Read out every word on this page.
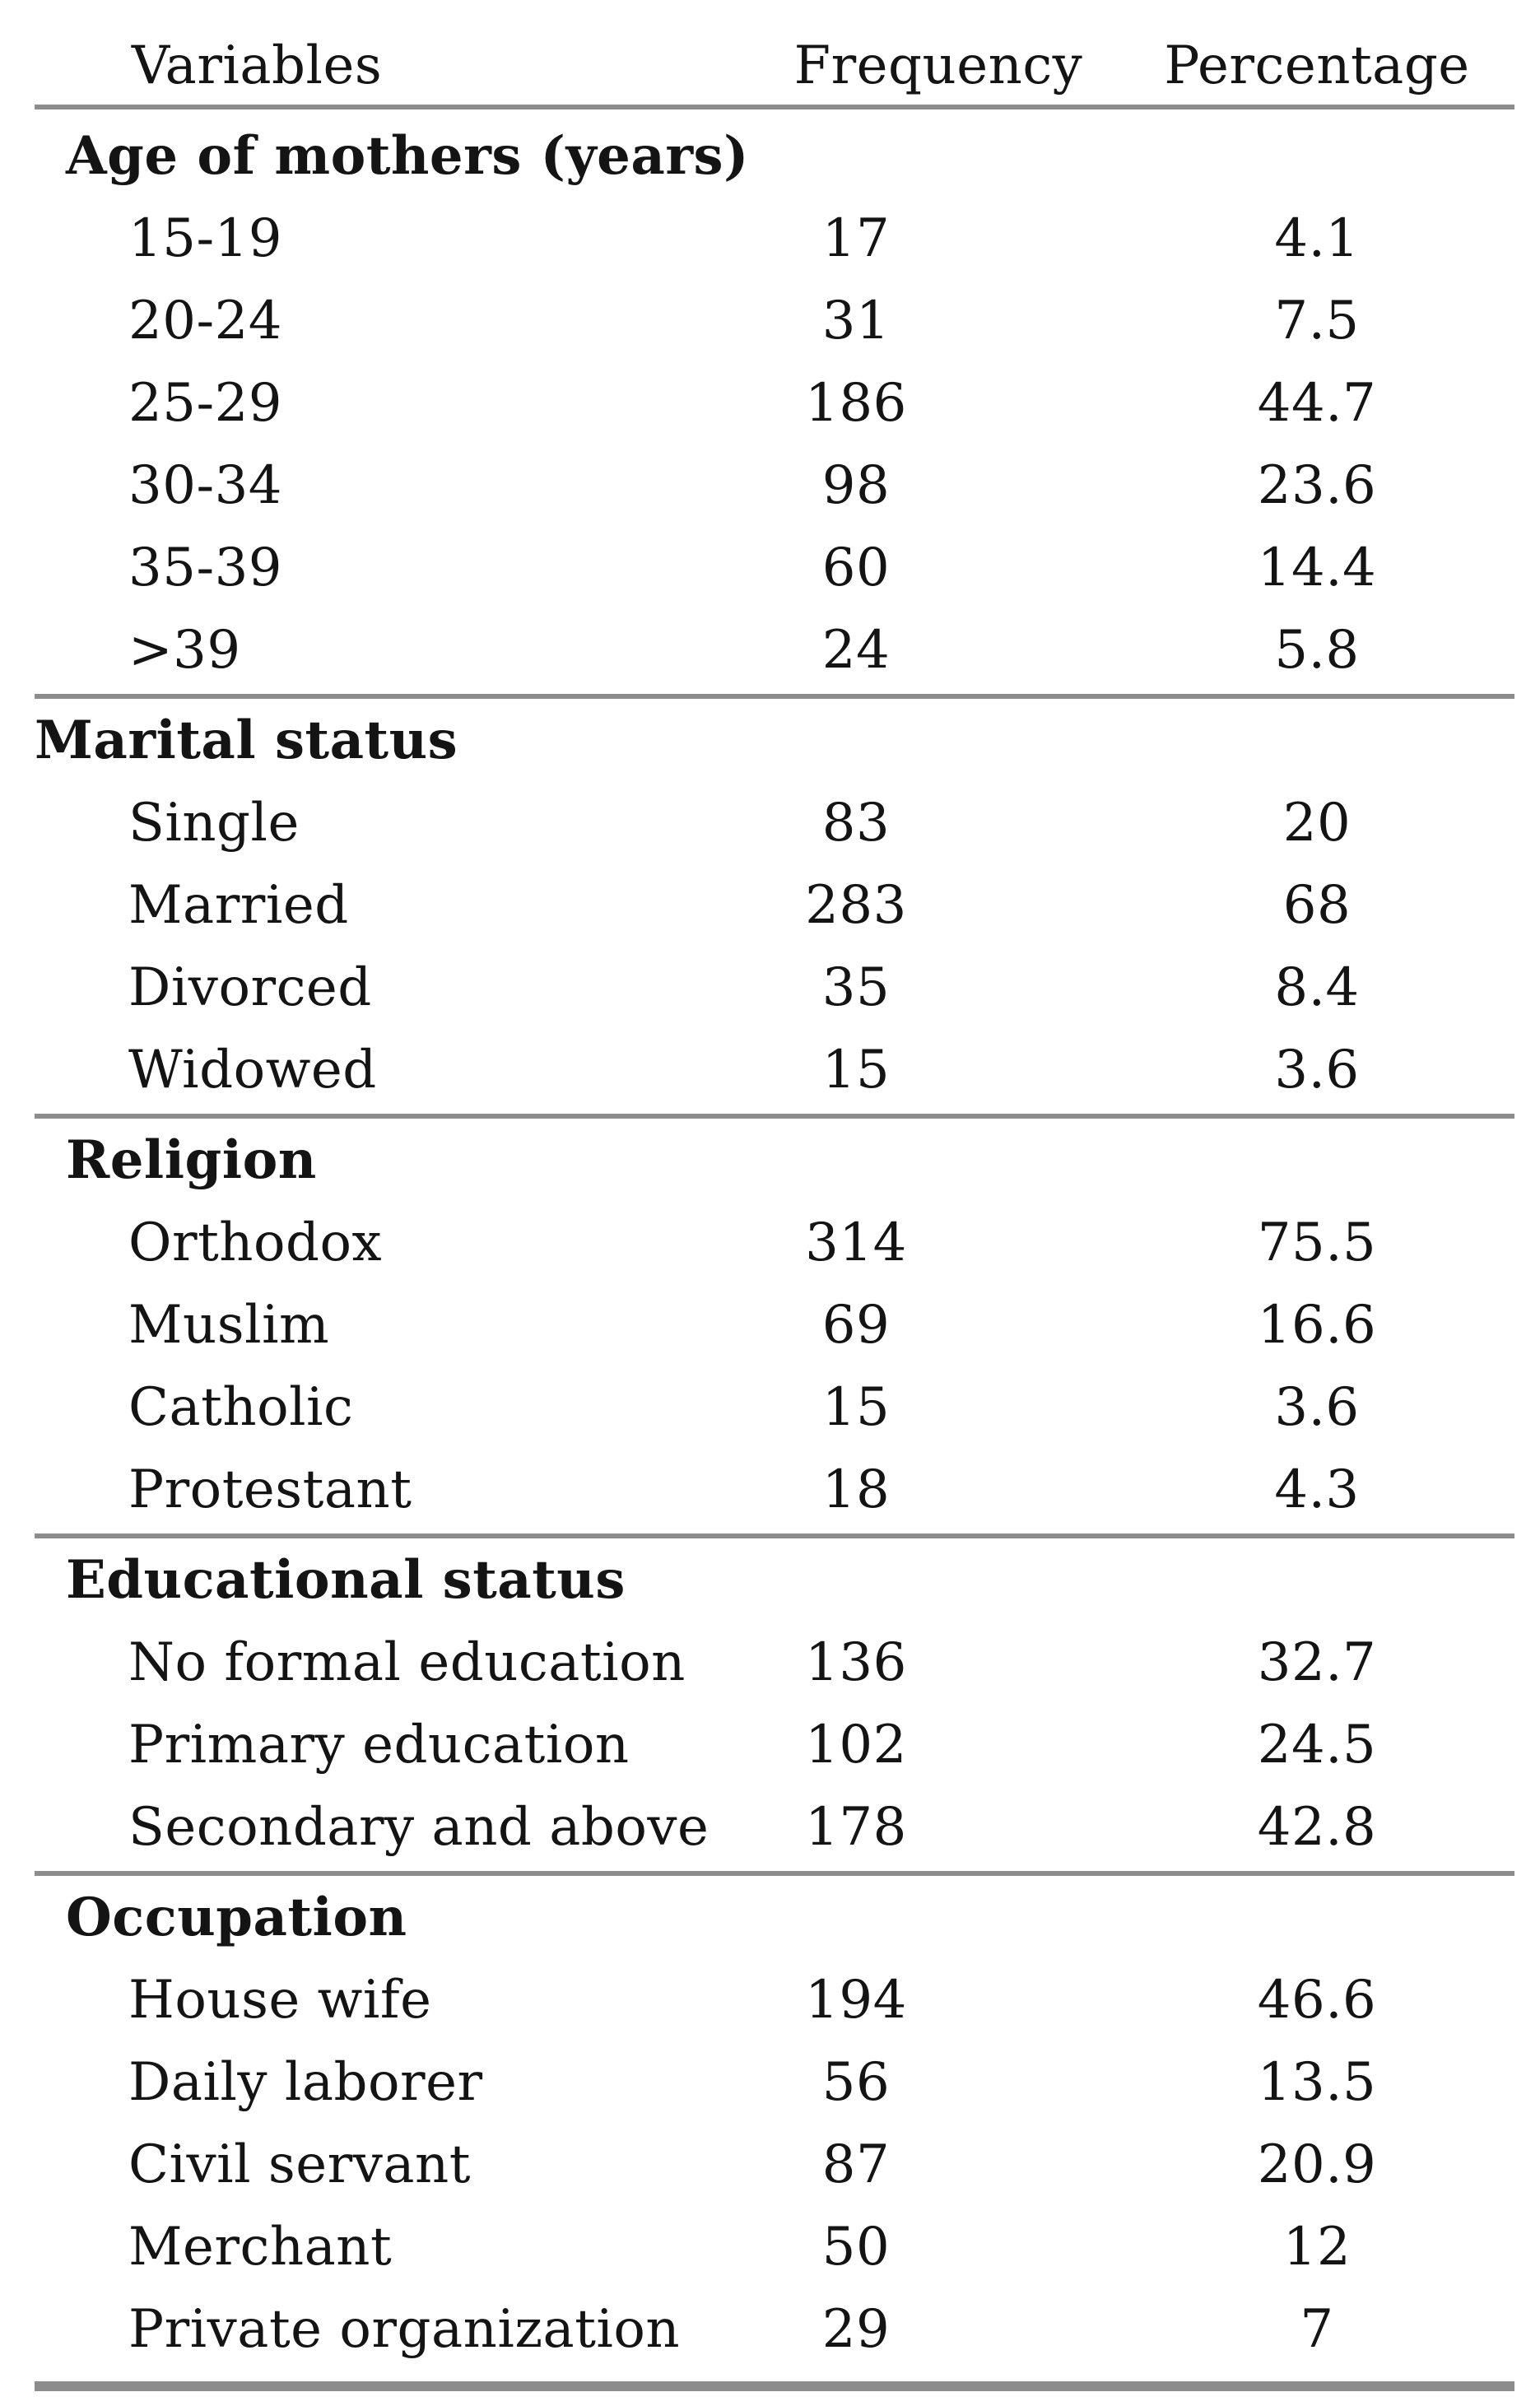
Variables	Frequency	Percentage
Age of mothers (years)
15-19	17	4.1
20-24	31	7.5
25-29	186	44.7
30-34	98	23.6
35-39	60	14.4
>39	24	5.8
Marital status
Single	83	20
Married	283	68
Divorced	35	8.4
Widowed	15	3.6
Religion
Orthodox	314	75.5
Muslim	69	16.6
Catholic	15	3.6
Protestant	18	4.3
Educational status
No formal education	136	32.7
Primary education	102	24.5
Secondary and above	178	42.8
Occupation
House wife	194	46.6
Daily laborer	56	13.5
Civil servant	87	20.9
Merchant	50	12
Private organization	29	7
